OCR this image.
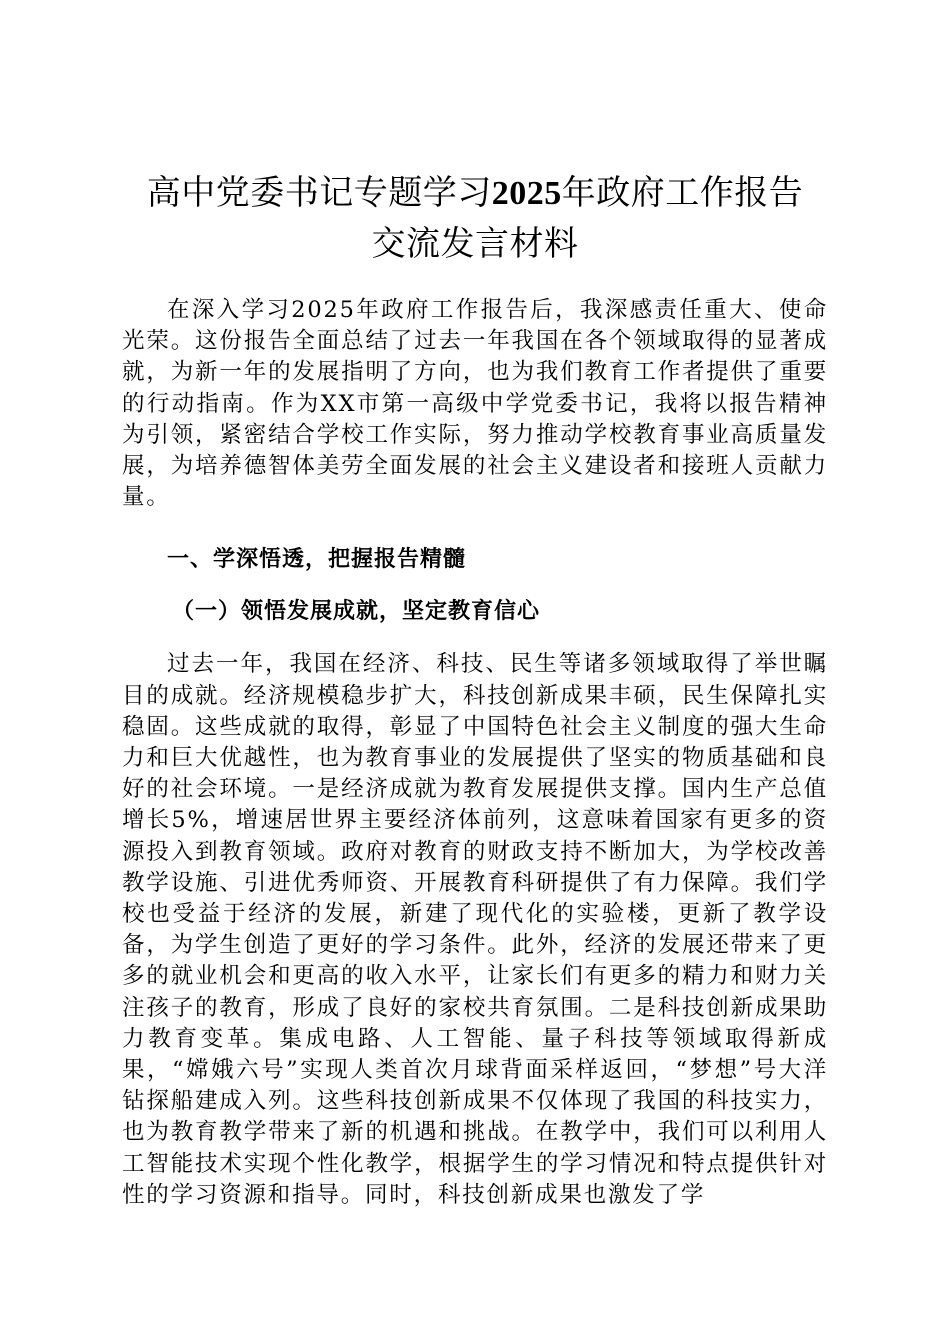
高中党委书记专题学习2025年政府工作报告
交流发言材料

在深入学习2025年政府工作报告后，我深感责任重大、使命光荣。这份报告全面总结了过去一年我国在各个领域取得的显著成就，为新一年的发展指明了方向，也为我们教育工作者提供了重要的行动指南。作为XX市第一高级中学党委书记，我将以报告精神为引领，紧密结合学校工作实际，努力推动学校教育事业高质量发展，为培养德智体美劳全面发展的社会主义建设者和接班人贡献力量。

一、学深悟透，把握报告精髓

（一）领悟发展成就，坚定教育信心

过去一年，我国在经济、科技、民生等诸多领域取得了举世瞩目的成就。经济规模稳步扩大，科技创新成果丰硕，民生保障扎实稳固。这些成就的取得，彰显了中国特色社会主义制度的强大生命力和巨大优越性，也为教育事业的发展提供了坚实的物质基础和良好的社会环境。一是经济成就为教育发展提供支撑。国内生产总值增长5%，增速居世界主要经济体前列，这意味着国家有更多的资源投入到教育领域。政府对教育的财政支持不断加大，为学校改善教学设施、引进优秀师资、开展教育科研提供了有力保障。我们学校也受益于经济的发展，新建了现代化的实验楼，更新了教学设备，为学生创造了更好的学习条件。此外，经济的发展还带来了更多的就业机会和更高的收入水平，让家长们有更多的精力和财力关注孩子的教育，形成了良好的家校共育氛围。二是科技创新成果助力教育变革。集成电路、人工智能、量子科技等领域取得新成果，“嫦娥六号”实现人类首次月球背面采样返回，“梦想”号大洋钻探船建成入列。这些科技创新成果不仅体现了我国的科技实力，也为教育教学带来了新的机遇和挑战。在教学中，我们可以利用人工智能技术实现个性化教学，根据学生的学习情况和特点提供针对性的学习资源和指导。同时，科技创新成果也激发了学
